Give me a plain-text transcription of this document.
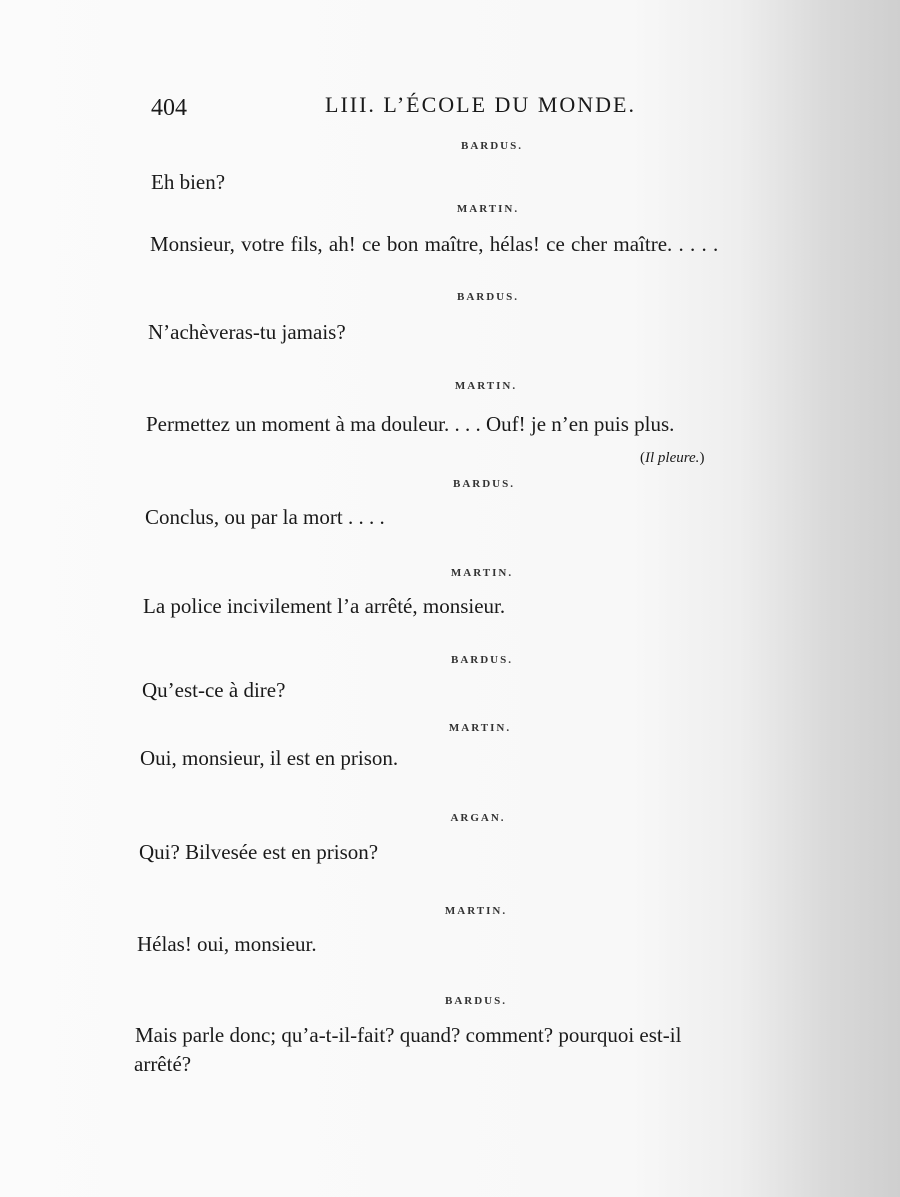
404	LIII. L’ÉCOLE DU MONDE.
BARDUS.
Eh bien?
MARTIN.
Monsieur, votre fils, ah! ce bon maître, hélas! ce cher maître. . . . .
BARDUS.
N’achèveras-tu jamais?
MARTIN.
Permettez un moment à ma douleur. . . . Ouf! je n’en puis plus.
(Il pleure.)
BARDUS.
Conclus, ou par la mort . . . .
MARTIN.
La police incivilement l’a arrêté, monsieur.
BARDUS.
Qu’est-ce à dire?
MARTIN.
Oui, monsieur, il est en prison.
ARGAN.
Qui? Bilvesée est en prison?
MARTIN.
Hélas! oui, monsieur.
BARDUS.
Mais parle donc; qu’a-t-il-fait? quand? comment? pourquoi est-il
arrêté?
